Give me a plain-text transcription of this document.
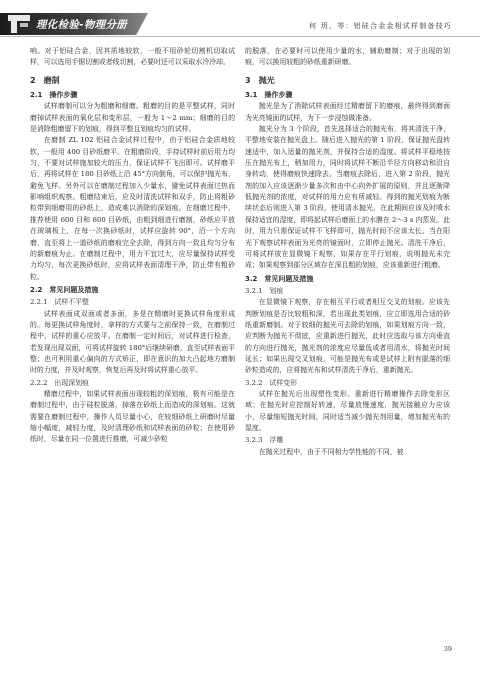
理化检验-物理分册	何 玥，等：铝硅合金金相试样制备技巧

响。对于铝硅合金，因其质地较软，一般不用砂轮切割机切取试样，可以选用手锯切割或者线切割，必要时还可以采取水冷冷却。

2　磨制
2.1　操作步骤

试样磨制可以分为粗磨和细磨。粗磨的目的是平整试样，同时磨掉试样表面的氧化层和变形层，一般为 1～2 mm；细磨的目的是消除粗磨留下的划痕，得到平整且划痕均匀的试样。

在磨制 ZL 102 铝硅合金试样过程中，由于铝硅合金质地较软，一般用 400 目砂纸磨平。在粗磨阶段，手持试样时前后用力均匀，不要对试样施加较大的压力，保证试样不飞出即可。试样磨平后，再将试样在 180 目砂纸上沿 45°方向倒角，可以保护抛光布，避免飞样。另外可以在磨制过程加入少量水，避免试样表面过热而影响组织观察。粗磨结束后，应及时清洗试样和双手，防止将粗砂粒带到细磨用的砂纸上，造成难以消除的深划痕。在细磨过程中，推荐使用 600 目和 800 目砂纸，由粗到细进行磨制，砂纸应平放在玻璃板上，在每一次换砂纸时，试样应旋转 90°，沿一个方向磨，直至将上一道砂纸的磨痕完全去除，得到方向一致且均匀分布的新磨痕为止。在磨制过程中，用力不宜过大，应尽量保持试样受力均匀，每次更换砂纸时，应将试样表面清理干净，防止带有粗砂粒。

2.2　常见问题及措施
2.2.1　试样不平整

试样表面成双面或者多面，多是在精磨时更换试样角度形成的。每更换试样角度时，拿样的方式要与之前保持一致，在磨制过程中，试样的重心应放平。在磨制一定时间后，对试样进行检查，若发现出现双面，可将试样旋转 180°后继续研磨，直至试样表面平整；也可利用重心偏向的方式矫正，即在意识的加大凸起地方磨制时的力度，并及时观察，恢复后再及时将试样重心放平。

2.2.2　出现深划痕

精磨过程中，如果试样表面出现较粗的深划痕，极有可能是在磨制过程中，由于硅粒脱落，掉落在砂纸上而造成的深划痕。这就需要在磨制过程中，操作人员尽量小心，在较细砂纸上研磨时尽量缩小幅度，减轻力度，及时清理砂纸和试样表面的砂粒；在使用砂纸时，尽量在同一位置进行推磨，可减少砂粒

的脱落，在必要时可以使用少量的水，辅助磨制；对于出现的划痕，可以换用较粗的砂纸重新研磨。

3　抛光
3.1　操作步骤

抛光是为了消除试样表面经过精磨留下的磨痕，最终得到磨面为光亮镜面的试样，为下一步浸蚀做准备。

抛光分为 3 个阶段，首先选择适合的抛光布，将其清洗干净，平整地安装在抛光盘上。随后进入抛光的第 1 阶段，保证抛光盘转速适中，加入适量的抛光剂，并保持合适的湿度。将试样平稳地按压在抛光布上，稍加用力，同时将试样不断沿半径方向移动和沿自身转动，使得磨痕快速除去。当磨痕去除后，进入第 2 阶段，抛光剂的加入应该逐渐少量多次和由中心向外扩展的原则，并且逐渐降低抛光剂的浓度，对试样的用力应有所减轻。得到的抛光划痕为断续状态后则进入第 3 阶段，使用清水抛光，在此期间应该及时喷水保持适宜的湿度，即将起试样后磨面上的水膜在 2～3 s 内蒸发。此时，用力只需保证试样不飞样即可，抛光时间不应该太长。当在阳光下观察试样表面为光亮的镜面时，立即停止抛光。清洗干净后，可将试样放在显微镜下观察，如果存在平行划痕，说明抛光未完成；如果观察到部分区域存在深且粗的划痕，应该重新进行粗磨。

3.2　常见问题及措施
3.2.1　划痕

在显微镜下观察，存在相互平行或者相互交叉的划痕。应该先判断划痕是否比较粗和深，若出现此类划痕，应立即选用合适的砂纸重新磨制。对于较细的抛光可去除的划痕，如果划痕方向一致，应判断为抛光不彻底，应重新进行抛光，此时应选取与该方向垂直的方向进行抛光，抛光剂的浓度应尽量低或者用清水，将抛光时间延长；如果出现交叉划痕，可能是抛光布或是试样上附有脱落的细砂粒造成的，应将抛光布和试样清洗干净后，重新抛光。

3.2.2　试样变形

试样在抛光后出现塑性变形。重新进行精磨操作去除变形区域；在抛光时应控制好转速，尽量放慢速度，抛光接触应力应该小，尽量缩短抛光时间，同时适当减少抛光剂用量，增加抛光布的湿度。

3.2.3　浮雕

在抛光过程中，由于不同相力学性能的不同，被

39
